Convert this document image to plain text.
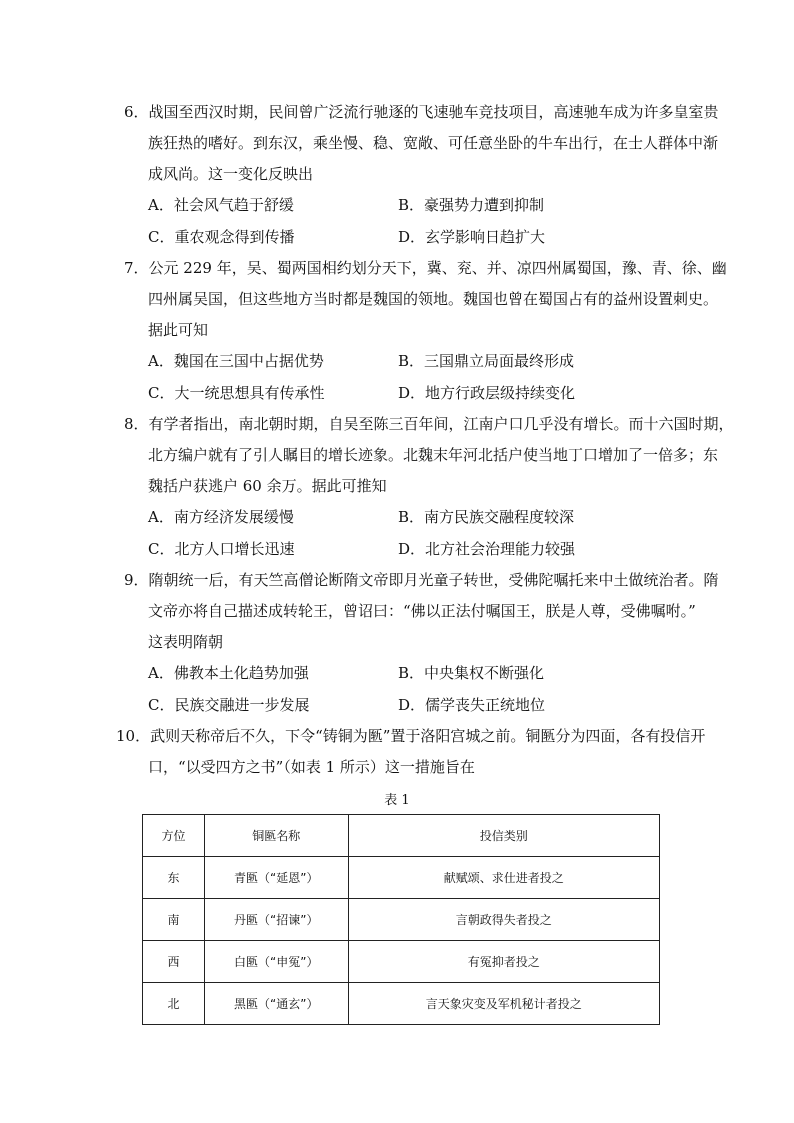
6．战国至西汉时期，民间曾广泛流行驰逐的飞速驰车竞技项目，高速驰车成为许多皇室贵
族狂热的嗜好。到东汉，乘坐慢、稳、宽敞、可任意坐卧的牛车出行，在士人群体中渐
成风尚。这一变化反映出
A．社会风气趋于舒缓	B．豪强势力遭到抑制
C．重农观念得到传播	D．玄学影响日趋扩大
7．公元 229 年，吴、蜀两国相约划分天下，冀、兖、并、凉四州属蜀国，豫、青、徐、幽
四州属吴国，但这些地方当时都是魏国的领地。魏国也曾在蜀国占有的益州设置刺史。
据此可知
A．魏国在三国中占据优势	B．三国鼎立局面最终形成
C．大一统思想具有传承性	D．地方行政层级持续变化
8．有学者指出，南北朝时期，自吴至陈三百年间，江南户口几乎没有增长。而十六国时期，
北方编户就有了引人瞩目的增长迹象。北魏末年河北括户使当地丁口增加了一倍多；东
魏括户获逃户 60 余万。据此可推知
A．南方经济发展缓慢	B．南方民族交融程度较深
C．北方人口增长迅速	D．北方社会治理能力较强
9．隋朝统一后，有天竺高僧论断隋文帝即月光童子转世，受佛陀嘱托来中土做统治者。隋
文帝亦将自己描述成转轮王，曾诏曰：“佛以正法付嘱国王，朕是人尊，受佛嘱咐。”
这表明隋朝
A．佛教本土化趋势加强	B．中央集权不断强化
C．民族交融进一步发展	D．儒学丧失正统地位
10．武则天称帝后不久，下令“铸铜为匦”置于洛阳宫城之前。铜匦分为四面，各有投信开
口，“以受四方之书”（如表 1 所示）这一措施旨在
表 1
方位	铜匦名称	投信类别
东	青匦（“延恩”）	献赋颂、求仕进者投之
南	丹匦（“招谏”）	言朝政得失者投之
西	白匦（“申冤”）	有冤抑者投之
北	黑匦（“通玄”）	言天象灾变及军机秘计者投之
